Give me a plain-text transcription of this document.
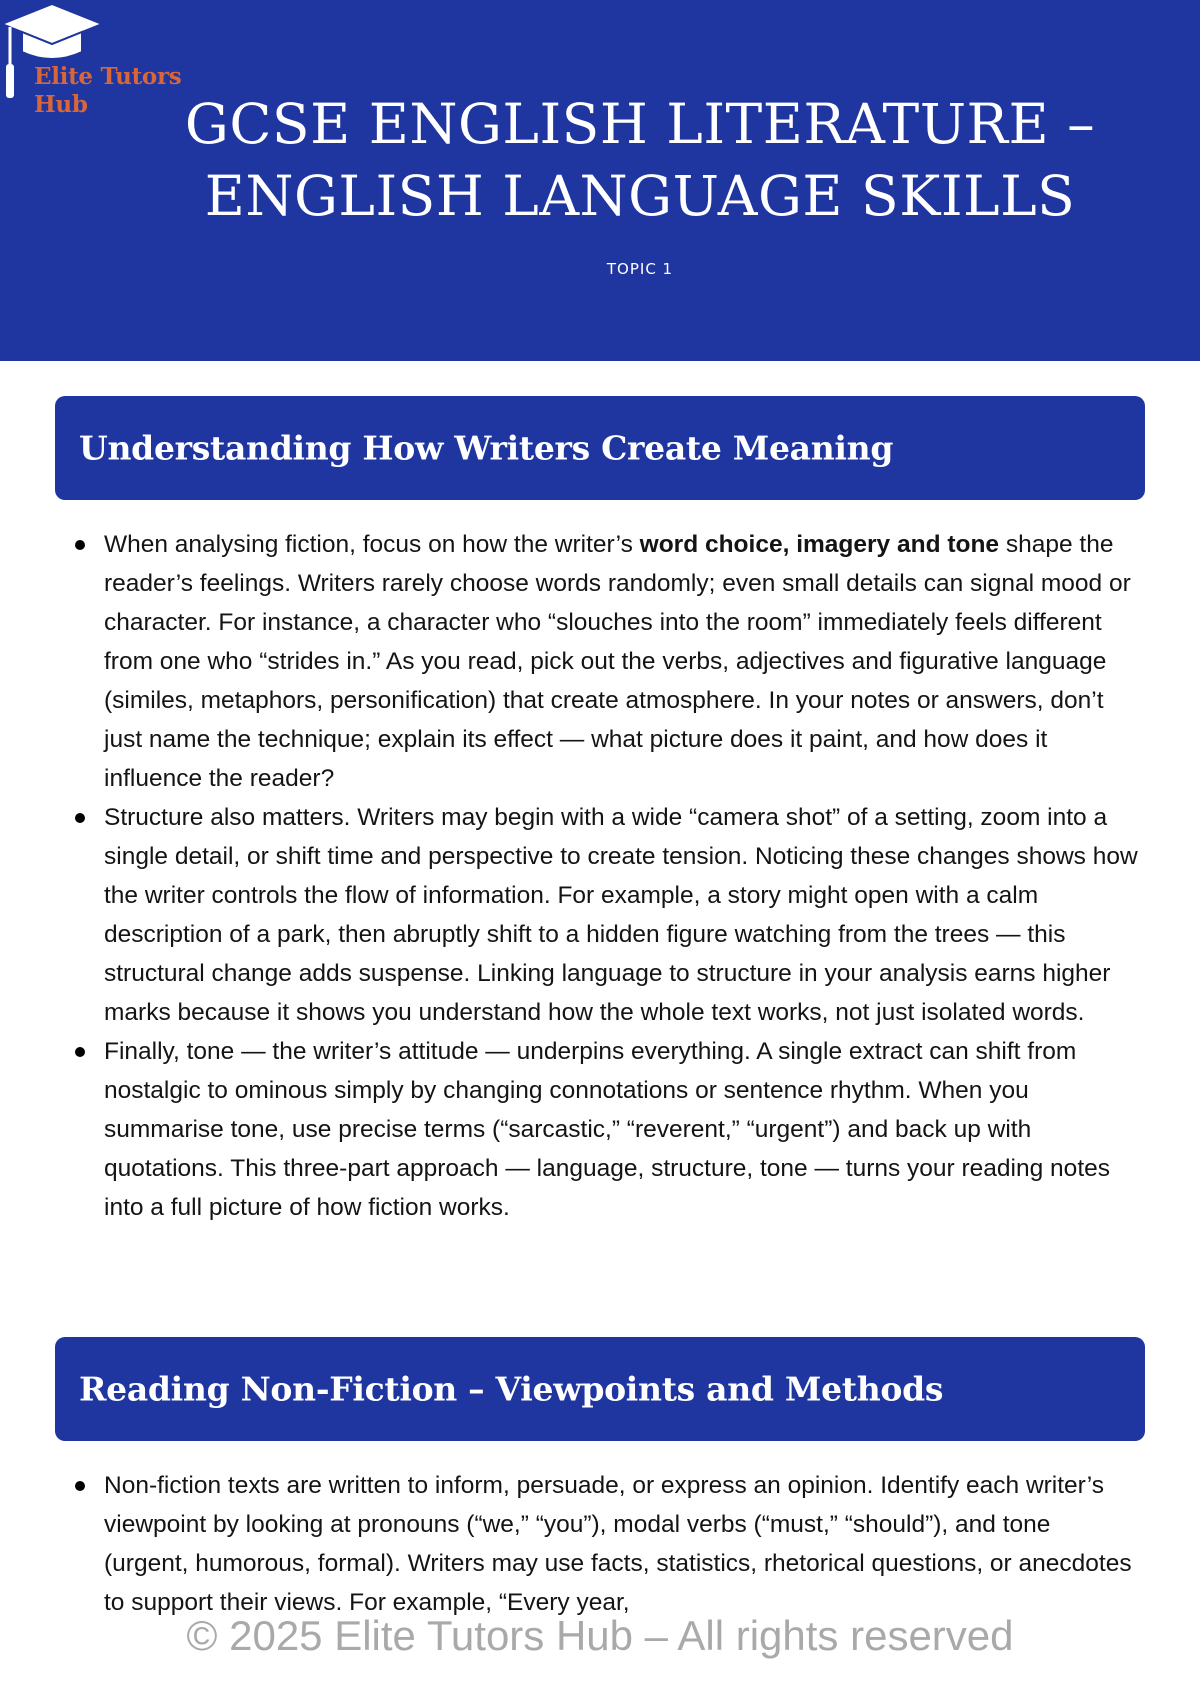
Elite Tutors
Hub	GCSE ENGLISH LITERATURE – ENGLISH LANGUAGE SKILLS
TOPIC 1
Understanding How Writers Create Meaning
When analysing fiction, focus on how the writer’s word choice, imagery and tone shape the reader’s feelings. Writers rarely choose words randomly; even small details can signal mood or character. For instance, a character who “slouches into the room” immediately feels different from one who “strides in.” As you read, pick out the verbs, adjectives and figurative language (similes, metaphors, personification) that create atmosphere. In your notes or answers, don’t just name the technique; explain its effect — what picture does it paint, and how does it influence the reader?
Structure also matters. Writers may begin with a wide “camera shot” of a setting, zoom into a single detail, or shift time and perspective to create tension. Noticing these changes shows how the writer controls the flow of information. For example, a story might open with a calm description of a park, then abruptly shift to a hidden figure watching from the trees — this structural change adds suspense. Linking language to structure in your analysis earns higher marks because it shows you understand how the whole text works, not just isolated words.
Finally, tone — the writer’s attitude — underpins everything. A single extract can shift from nostalgic to ominous simply by changing connotations or sentence rhythm. When you summarise tone, use precise terms (“sarcastic,” “reverent,” “urgent”) and back up with quotations. This three-part approach — language, structure, tone — turns your reading notes into a full picture of how fiction works.
Reading Non-Fiction – Viewpoints and Methods
Non-fiction texts are written to inform, persuade, or express an opinion. Identify each writer’s viewpoint by looking at pronouns (“we,” “you”), modal verbs (“must,” “should”), and tone (urgent, humorous, formal). Writers may use facts, statistics, rhetorical questions, or anecdotes to support their views. For example, “Every year,
© 2025 Elite Tutors Hub – All rights reserved
